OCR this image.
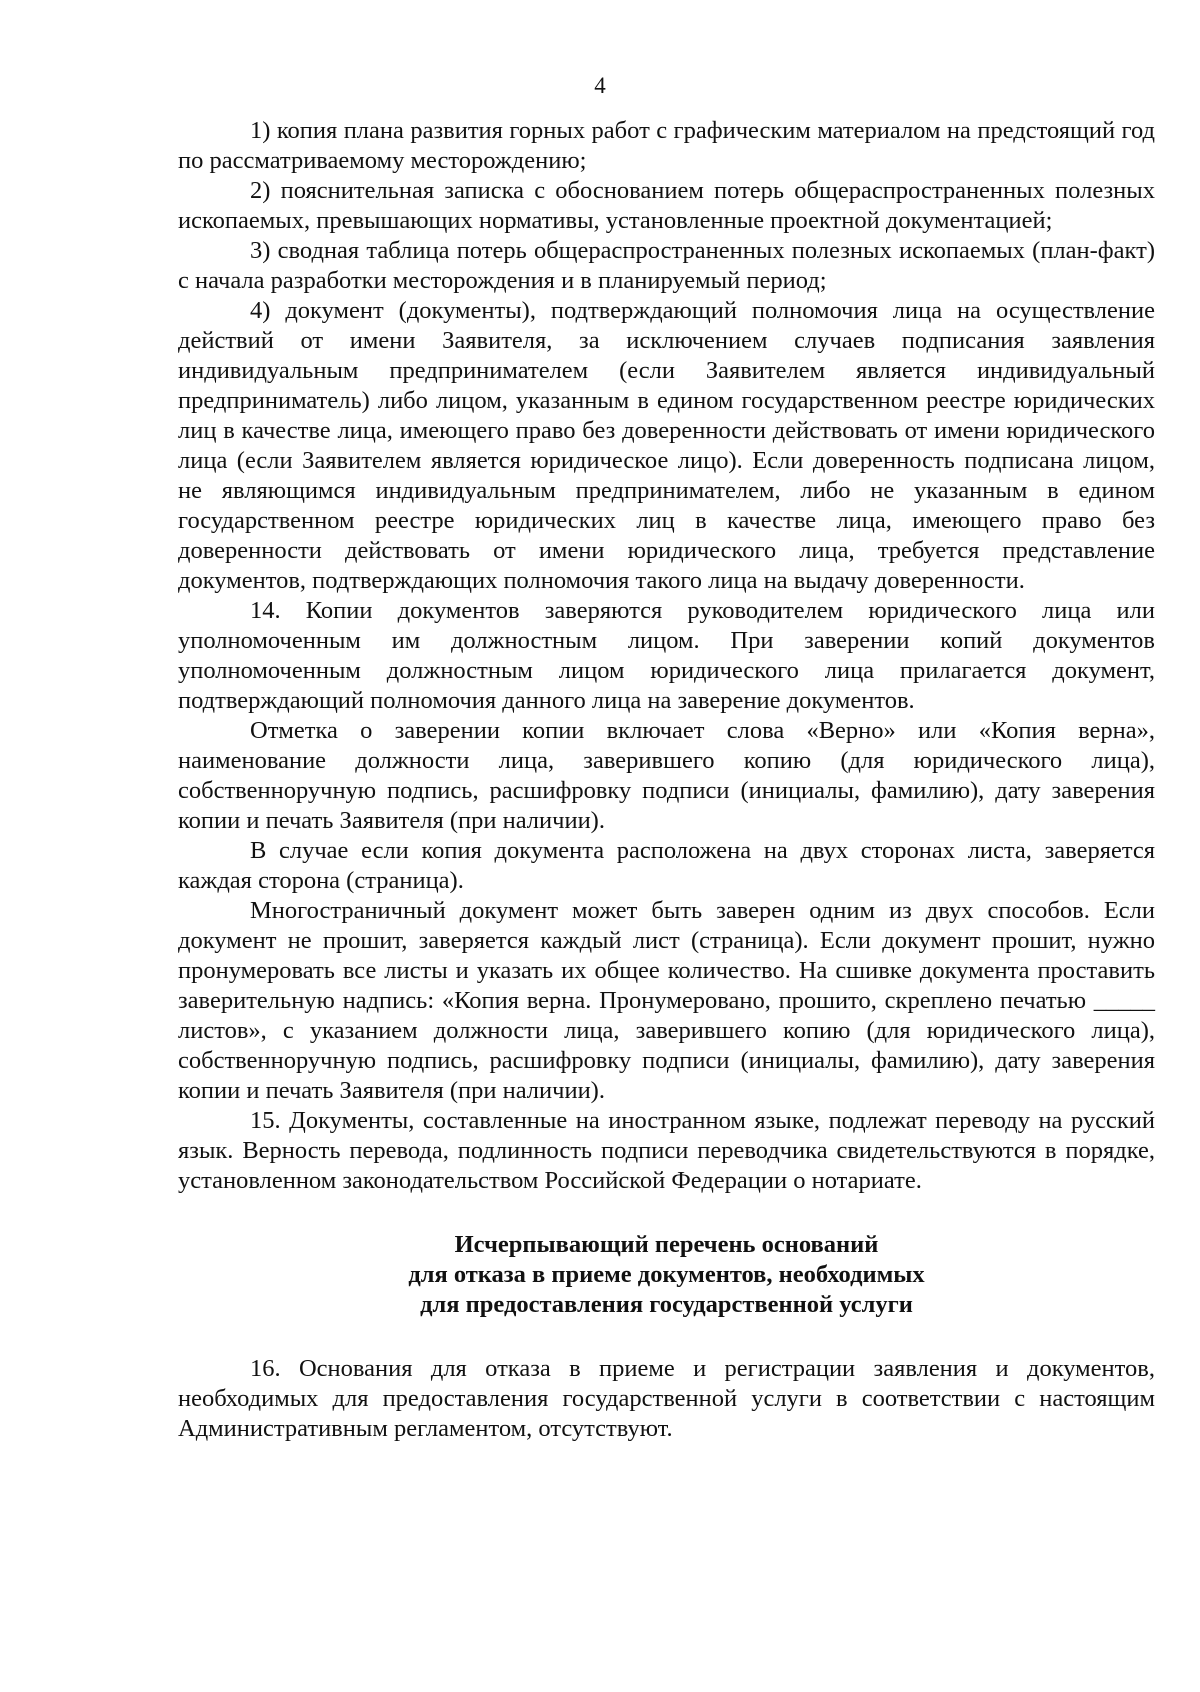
4

1) копия плана развития горных работ с графическим материалом на предстоящий год по рассматриваемому месторождению;

2) пояснительная записка с обоснованием потерь общераспространенных полезных ископаемых, превышающих нормативы, установленные проектной документацией;

3) сводная таблица потерь общераспространенных полезных ископаемых (план-факт) с начала разработки месторождения и в планируемый период;

4) документ (документы), подтверждающий полномочия лица на осуществление действий от имени Заявителя, за исключением случаев подписания заявления индивидуальным предпринимателем (если Заявителем является индивидуальный предприниматель) либо лицом, указанным в едином государственном реестре юридических лиц в качестве лица, имеющего право без доверенности действовать от имени юридического лица (если Заявителем является юридическое лицо). Если доверенность подписана лицом, не являющимся индивидуальным предпринимателем, либо не указанным в едином государственном реестре юридических лиц в качестве лица, имеющего право без доверенности действовать от имени юридического лица, требуется представление документов, подтверждающих полномочия такого лица на выдачу доверенности.

14. Копии документов заверяются руководителем юридического лица или уполномоченным им должностным лицом. При заверении копий документов уполномоченным должностным лицом юридического лица прилагается документ, подтверждающий полномочия данного лица на заверение документов.

Отметка о заверении копии включает слова «Верно» или «Копия верна», наименование должности лица, заверившего копию (для юридического лица), собственноручную подпись, расшифровку подписи (инициалы, фамилию), дату заверения копии и печать Заявителя (при наличии).

В случае если копия документа расположена на двух сторонах листа, заверяется каждая сторона (страница).

Многостраничный документ может быть заверен одним из двух способов. Если документ не прошит, заверяется каждый лист (страница). Если документ прошит, нужно пронумеровать все листы и указать их общее количество. На сшивке документа проставить заверительную надпись: «Копия верна. Пронумеровано, прошито, скреплено печатью _____ листов», с указанием должности лица, заверившего копию (для юридического лица), собственноручную подпись, расшифровку подписи (инициалы, фамилию), дату заверения копии и печать Заявителя (при наличии).

15. Документы, составленные на иностранном языке, подлежат переводу на русский язык. Верность перевода, подлинность подписи переводчика свидетельствуются в порядке, установленном законодательством Российской Федерации о нотариате.

Исчерпывающий перечень оснований
для отказа в приеме документов, необходимых
для предоставления государственной услуги

16. Основания для отказа в приеме и регистрации заявления и документов, необходимых для предоставления государственной услуги в соответствии с настоящим Административным регламентом, отсутствуют.
